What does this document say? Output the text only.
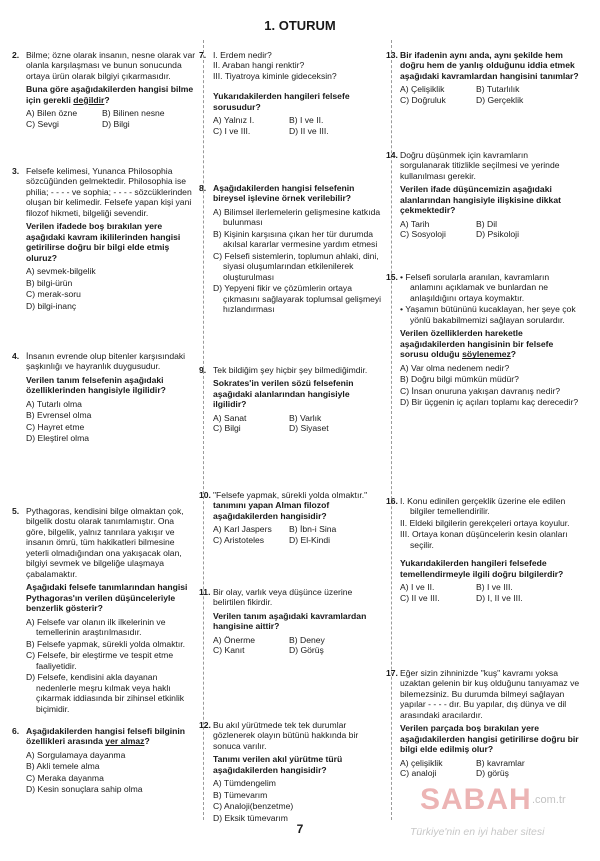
1. OTURUM
2. Bilme; özne olarak insanın, nesne olarak var olanla karşılaşması ve bunun sonucunda ortaya ürün olarak bilgiyi çıkarmasıdır.

Buna göre aşağıdakilerden hangisi bilme için gerekli değildir?

A) Bilen özne	B) Bilinen nesne
C) Sevgi	D) Bilgi
3. Felsefe kelimesi, Yunanca Philosophia sözcüğünden gelmektedir. Philosophia ise philia; - - - - ve sophia; - - - - sözcüklerinden oluşan bir kelimedir. Felsefe yapan kişi yani filozof hikmeti, bilgeliği sevendir.

Verilen ifadede boş bırakılan yere aşağıdaki kavram ikililerinden hangisi getirilirse doğru bir bilgi elde etmiş oluruz?

A) sevmek-bilgelik
B) bilgi-ürün
C) merak-soru
D) bilgi-inanç
4. İnsanın evrende olup bitenler karşısındaki şaşkınlığı ve hayranlık duygusudur.

Verilen tanım felsefenin aşağıdaki özelliklerinden hangisiyle ilgilidir?

A) Tutarlı olma
B) Evrensel olma
C) Hayret etme
D) Eleştirel olma
5. Pythagoras, kendisini bilge olmaktan çok, bilgelik dostu olarak tanımlamıştır. Ona göre, bilgelik, yalnız tanrılara yakışır ve insanın ömrü, tüm hakikatleri bilmesine yeterli olmadığından ona yakışacak olan, bilgiyi sevmek ve bilgeliğe ulaşmaya çabalamaktır.

Aşağıdaki felsefe tanımlarından hangisi Pythagoras'ın verilen düşünceleriyle benzerlik gösterir?

A) Felsefe var olanın ilk ilkelerinin ve temellerinin araştırılmasıdır.
B) Felsefe yapmak, sürekli yolda olmaktır.
C) Felsefe, bir eleştirme ve tespit etme faaliyetidir.
D) Felsefe, kendisini akla dayanan nedenlerle meşru kılmak veya haklı çıkarmak iddiasında bir zihinsel etkinlik biçimidir.
6. Aşağıdakilerden hangisi felsefi bilginin özellikleri arasında yer almaz?

A) Sorgulamaya dayanma
B) Akli temele alma
C) Meraka dayanma
D) Kesin sonuçlara sahip olma
7. I. Erdem nedir?
II. Araban hangi renktir?
III. Tiyatroya kiminle gideceksin?

Yukarıdakilerden hangileri felsefe sorusudur?

A) Yalnız I.	B) I ve II.
C) I ve III.	D) II ve III.
8. Aşağıdakilerden hangisi felsefenin bireysel işlevine örnek verilebilir?

A) Bilimsel ilerlemelerin gelişmesine katkıda bulunması
B) Kişinin karşısına çıkan her tür durumda akılsal kararlar vermesine yardım etmesi
C) Felsefi sistemlerin, toplumun ahlaki, dini, siyasi oluşumlarından etkilenilerek oluşturulması
D) Yepyeni fikir ve çözümlerin ortaya çıkmasını sağlayarak toplumsal gelişmeyi hızlandırması
9. Tek bildiğim şey hiçbir şey bilmediğimdir.

Sokrates'in verilen sözü felsefenin aşağıdaki alanlarından hangisiyle ilgilidir?

A) Sanat	B) Varlık
C) Bilgi	D) Siyaset
10. "Felsefe yapmak, sürekli yolda olmaktır." tanımını yapan Alman filozof aşağıdakilerden hangisidir?

A) Karl Jaspers	B) İbn-i Sina
C) Aristoteles	D) El-Kindi
11. Bir olay, varlık veya düşünce üzerine belirtilen fikirdir.

Verilen tanım aşağıdaki kavramlardan hangisine aittir?

A) Önerme	B) Deney
C) Kanıt	D) Görüş
12. Bu akıl yürütmede tek tek durumlar gözlenerek olayın bütünü hakkında bir sonuca varılır.

Tanımı verilen akıl yürütme türü aşağıdakilerden hangisidir?

A) Tümdengelim
B) Tümevarım
C) Analoji(benzetme)
D) Eksik tümevarım
13. Bir ifadenin aynı anda, aynı şekilde hem doğru hem de yanlış olduğunu iddia etmek aşağıdaki kavramlardan hangisini tanımlar?

A) Çelişiklik	B) Tutarlılık
C) Doğruluk	D) Gerçeklik
14. Doğru düşünmek için kavramların sorgulanarak titizlikle seçilmesi ve yerinde kullanılması gerekir.

Verilen ifade düşüncemizin aşağıdaki alanlarından hangisiyle ilişkisine dikkat çekmektedir?

A) Tarih	B) Dil
C) Sosyoloji	D) Psikoloji
15. • Felsefi sorularla aranılan, kavramların anlamını açıklamak ve bunlardan ne anlaşıldığını ortaya koymaktır.
• Yaşamın bütününü kucaklayan, her şeye çok yönlü bakabilmemizi sağlayan sorulardır.

Verilen özelliklerden hareketle aşağıdakilerden hangisinin bir felsefe sorusu olduğu söylenemez?

A) Var olma nedenem nedir?
B) Doğru bilgi mümkün müdür?
C) İnsan onuruna yakışan davranış nedir?
D) Bir üçgenin iç açıları toplamı kaç derecedir?
16. I. Konu edinilen gerçeklik üzerine ele edilen bilgiler temellendirilir.
II. Eldeki bilgilerin gerekçeleri ortaya koyulur.
III. Ortaya konan düşüncelerin kesin olanları seçilir.

Yukarıdakilerden hangileri felsefede temellendirmeyle ilgili doğru bilgilerdir?

A) I ve II.	B) I ve III.
C) II ve III.	D) I, II ve III.
17. Eğer sizin zihninizde "kuş" kavramı yoksa uzaktan gelenin bir kuş olduğunu tanıyamaz ve bilemezsiniz. Bu durumda bilmeyi sağlayan yapılar - - - - dır. Bu yapılar, dış dünya ve dil arasındaki aracılardır.

Verilen parçada boş bırakılan yere aşağıdakilerden hangisi getirilirse doğru bir bilgi elde edilmiş olur?

A) çelişiklik	B) kavramlar
C) analoji	D) görüş
7
SABAH .com.tr
Türkiye'nin en iyi haber sitesi
